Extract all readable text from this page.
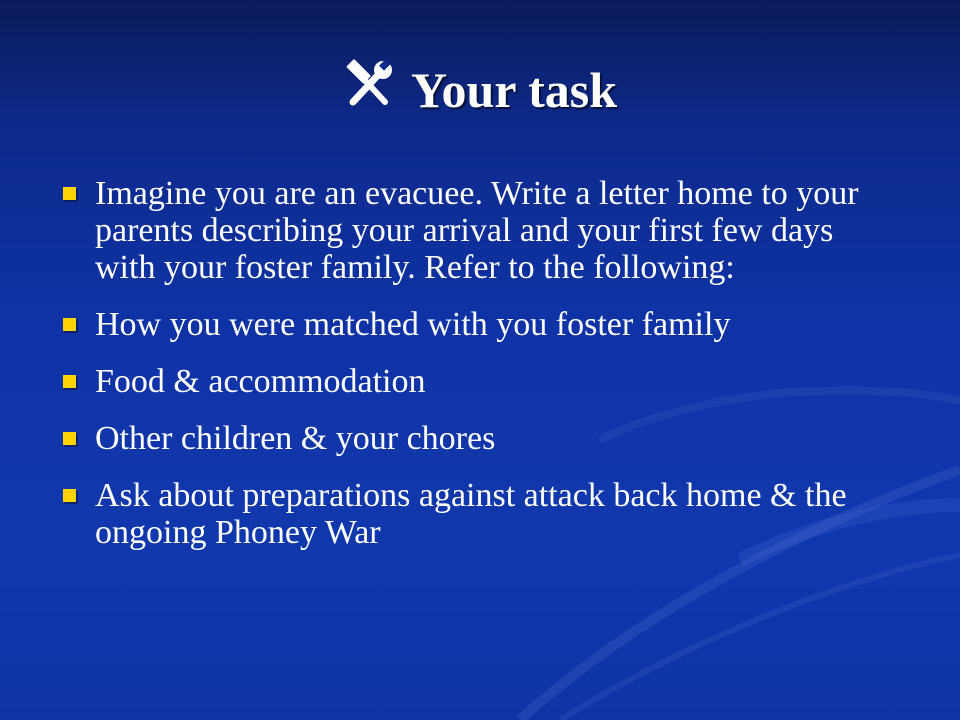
Your task
Imagine you are an evacuee. Write a letter home to your parents describing your arrival and your first few days with your foster family. Refer to the following:
How you were matched with you foster family
Food & accommodation
Other children & your chores
Ask about preparations against attack back home & the ongoing Phoney War
